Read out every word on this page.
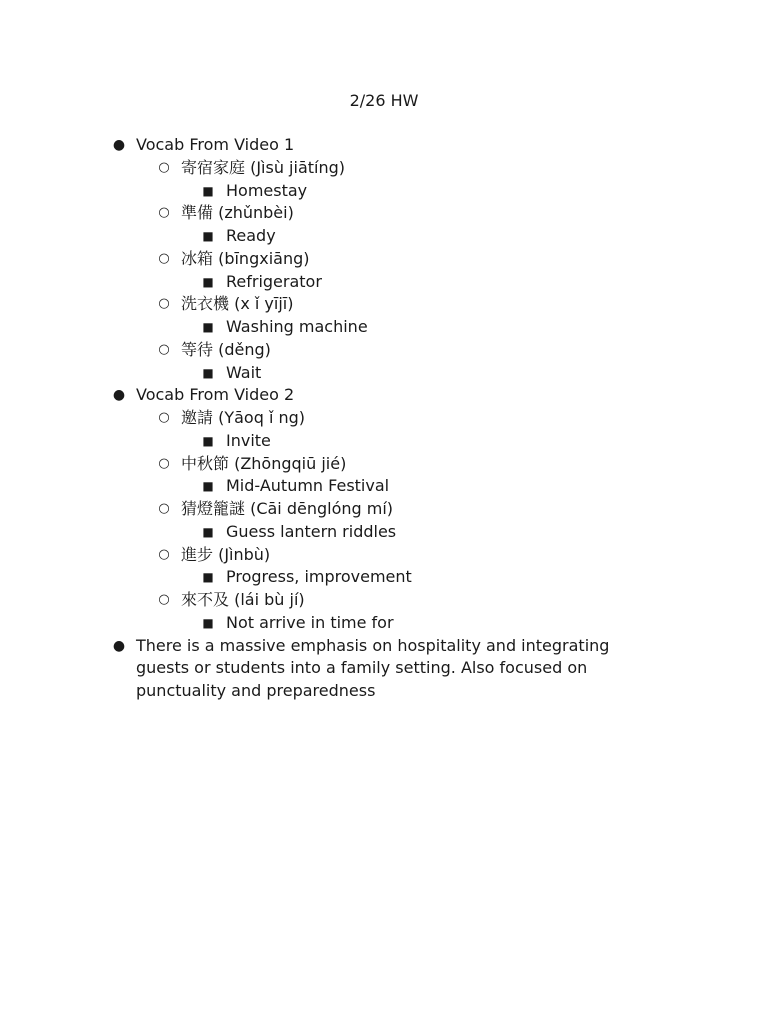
2/26 HW
● Vocab From Video 1
○ 寄宿家庭 (Jìsù jiātíng)
■ Homestay
○ 準備 (zhǔnbèi)
■ Ready
○ 冰箱 (bīngxiāng)
■ Refrigerator
○ 洗衣機 (x ǐ yījī)
■ Washing machine
○ 等待 (děng)
■ Wait
● Vocab From Video 2
○ 邀請 (Yāoq ǐ ng)
■ Invite
○ 中秋節 (Zhōngqiū jié)
■ Mid-Autumn Festival
○ 猜燈籠謎 (Cāi dēnglóng mí)
■ Guess lantern riddles
○ 進步 (Jìnbù)
■ Progress, improvement
○ 來不及 (lái bù jí)
■ Not arrive in time for
● There is a massive emphasis on hospitality and integrating guests or students into a family setting. Also focused on punctuality and preparedness
